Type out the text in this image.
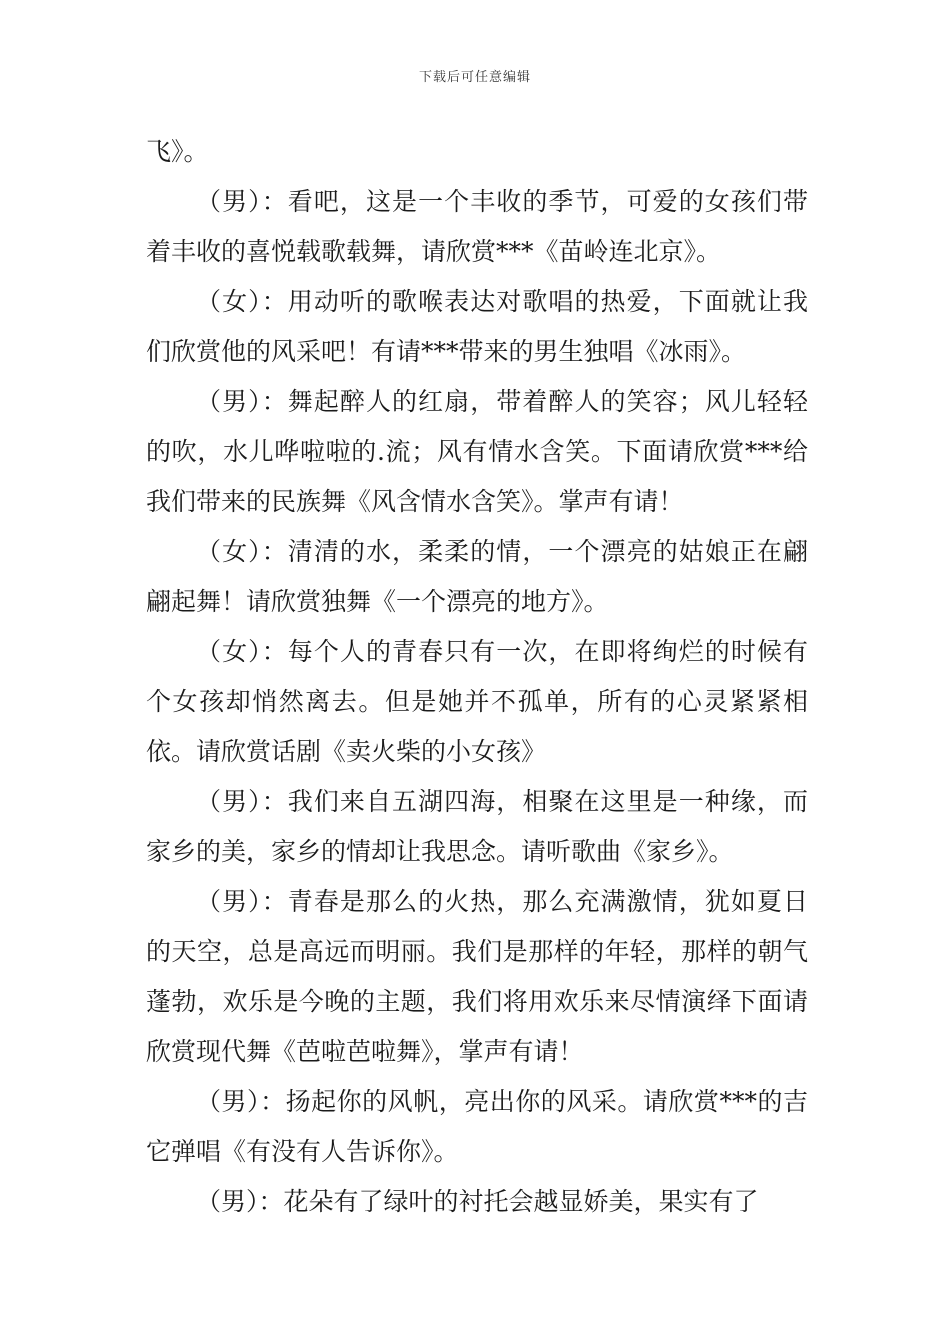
下载后可任意编辑

飞》。

（男）：看吧，这是一个丰收的季节，可爱的女孩们带着丰收的喜悦载歌载舞，请欣赏***《苗岭连北京》。

（女）：用动听的歌喉表达对歌唱的热爱，下面就让我们欣赏他的风采吧！有请***带来的男生独唱《冰雨》。

（男）：舞起醉人的红扇，带着醉人的笑容；风儿轻轻的吹，水儿哗啦啦的.流；风有情水含笑。下面请欣赏***给我们带来的民族舞《风含情水含笑》。掌声有请！

（女）：清清的水，柔柔的情，一个漂亮的姑娘正在翩翩起舞！请欣赏独舞《一个漂亮的地方》。

（女）：每个人的青春只有一次，在即将绚烂的时候有个女孩却悄然离去。但是她并不孤单，所有的心灵紧紧相依。请欣赏话剧《卖火柴的小女孩》

（男）：我们来自五湖四海，相聚在这里是一种缘，而家乡的美，家乡的情却让我思念。请听歌曲《家乡》。

（男）：青春是那么的火热，那么充满激情，犹如夏日的天空，总是高远而明丽。我们是那样的年轻，那样的朝气蓬勃，欢乐是今晚的主题，我们将用欢乐来尽情演绎下面请欣赏现代舞《芭啦芭啦舞》，掌声有请！

（男）：扬起你的风帆，亮出你的风采。请欣赏***的吉它弹唱《有没有人告诉你》。

（男）：花朵有了绿叶的衬托会越显娇美，果实有了
